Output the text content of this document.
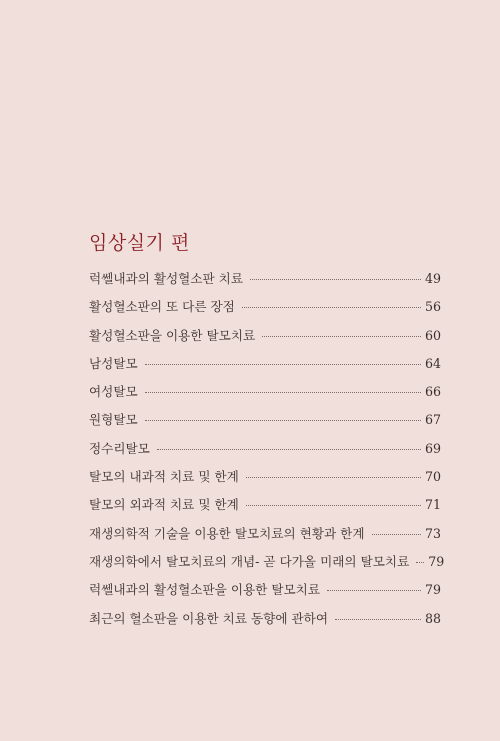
임상실기 편
럭쎌내과의 활성혈소판 치료	49
활성혈소판의 또 다른 장점	56
활성혈소판을 이용한 탈모치료	60
남성탈모	64
여성탈모	66
원형탈모	67
정수리탈모	69
탈모의 내과적 치료 및 한계	70
탈모의 외과적 치료 및 한계	71
재생의학적 기술을 이용한 탈모치료의 현황과 한계	73
재생의학에서 탈모치료의 개념- 곧 다가올 미래의 탈모치료 79
럭쎌내과의 활성혈소판을 이용한 탈모치료	79
최근의 혈소판을 이용한 치료 동향에 관하여	88
